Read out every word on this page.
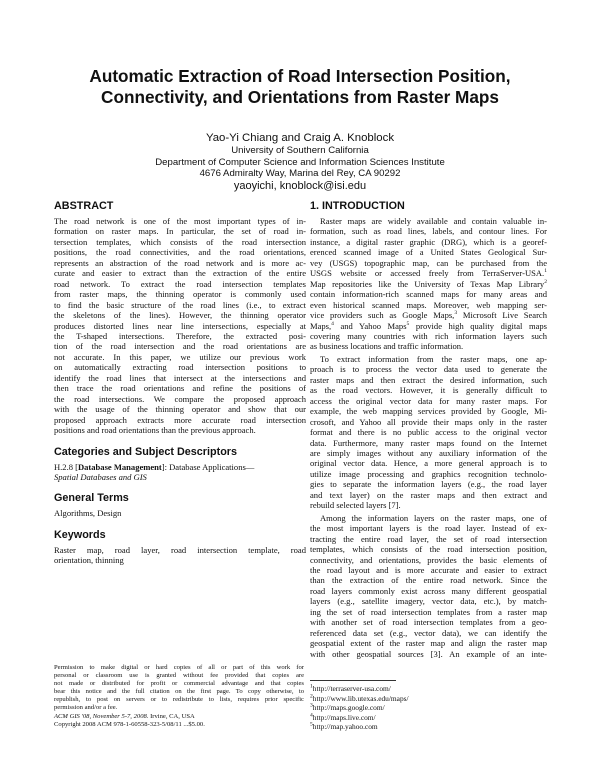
Automatic Extraction of Road Intersection Position,
Connectivity, and Orientations from Raster Maps
Yao-Yi Chiang and Craig A. Knoblock
University of Southern California
Department of Computer Science and Information Sciences Institute
4676 Admiralty Way, Marina del Rey, CA 90292
yaoyichi, knoblock@isi.edu
ABSTRACT
The road network is one of the most important types of in-
formation on raster maps. In particular, the set of road in-
tersection templates, which consists of the road intersection
positions, the road connectivities, and the road orientations,
represents an abstraction of the road network and is more ac-
curate and easier to extract than the extraction of the entire
road network. To extract the road intersection templates
from raster maps, the thinning operator is commonly used
to find the basic structure of the road lines (i.e., to extract
the skeletons of the lines). However, the thinning operator
produces distorted lines near line intersections, especially at
the T-shaped intersections. Therefore, the extracted posi-
tion of the road intersection and the road orientations are
not accurate. In this paper, we utilize our previous work
on automatically extracting road intersection positions to
identify the road lines that intersect at the intersections and
then trace the road orientations and refine the positions of
the road intersections. We compare the proposed approach
with the usage of the thinning operator and show that our
proposed approach extracts more accurate road intersection
positions and road orientations than the previous approach.
Categories and Subject Descriptors
H.2.8 [Database Management]: Database Applications—
Spatial Databases and GIS
General Terms
Algorithms, Design
Keywords
Raster map, road layer, road intersection template, road
orientation, thinning
Permission to make digital or hard copies of all or part of this work for
personal or classroom use is granted without fee provided that copies are
not made or distributed for profit or commercial advantage and that copies
bear this notice and the full citation on the first page. To copy otherwise, to
republish, to post on servers or to redistribute to lists, requires prior specific
permission and/or a fee.
ACM GIS '08, November 5-7, 2008. Irvine, CA, USA
Copyright 2008 ACM 978-1-60558-323-5/08/11 ...$5.00.
1. INTRODUCTION
Raster maps are widely available and contain valuable in-
formation, such as road lines, labels, and contour lines. For
instance, a digital raster graphic (DRG), which is a georef-
erenced scanned image of a United States Geological Sur-
vey (USGS) topographic map, can be purchased from the
USGS website or accessed freely from TerraServer-USA.$^1$
Map repositories like the University of Texas Map Library$^2$
contain information-rich scanned maps for many areas and
even historical scanned maps. Moreover, web mapping ser-
vice providers such as Google Maps,$^3$ Microsoft Live Search
Maps,$^4$ and Yahoo Maps$^5$ provide high quality digital maps
covering many countries with rich information layers such
as business locations and traffic information.
To extract information from the raster maps, one ap-
proach is to process the vector data used to generate the
raster maps and then extract the desired information, such
as the road vectors. However, it is generally difficult to
access the original vector data for many raster maps. For
example, the web mapping services provided by Google, Mi-
crosoft, and Yahoo all provide their maps only in the raster
format and there is no public access to the original vector
data. Furthermore, many raster maps found on the Internet
are simply images without any auxiliary information of the
original vector data. Hence, a more general approach is to
utilize image processing and graphics recognition technolo-
gies to separate the information layers (e.g., the road layer
and text layer) on the raster maps and then extract and
rebuild selected layers [7].
Among the information layers on the raster maps, one of
the most important layers is the road layer. Instead of ex-
tracting the entire road layer, the set of road intersection
templates, which consists of the road intersection position,
connectivity, and orientations, provides the basic elements of
the road layout and is more accurate and easier to extract
than the extraction of the entire road network. Since the
road layers commonly exist across many different geospatial
layers (e.g., satellite imagery, vector data, etc.), by match-
ing the set of road intersection templates from a raster map
with another set of road intersection templates from a geo-
referenced data set (e.g., vector data), we can identify the
geospatial extent of the raster map and align the raster map
with other geospatial sources [3]. An example of an inte-
$^1$http://terraserver-usa.com/
$^2$http://www.lib.utexas.edu/maps/
$^3$http://maps.google.com/
$^4$http://maps.live.com/
$^5$http://map.yahoo.com
